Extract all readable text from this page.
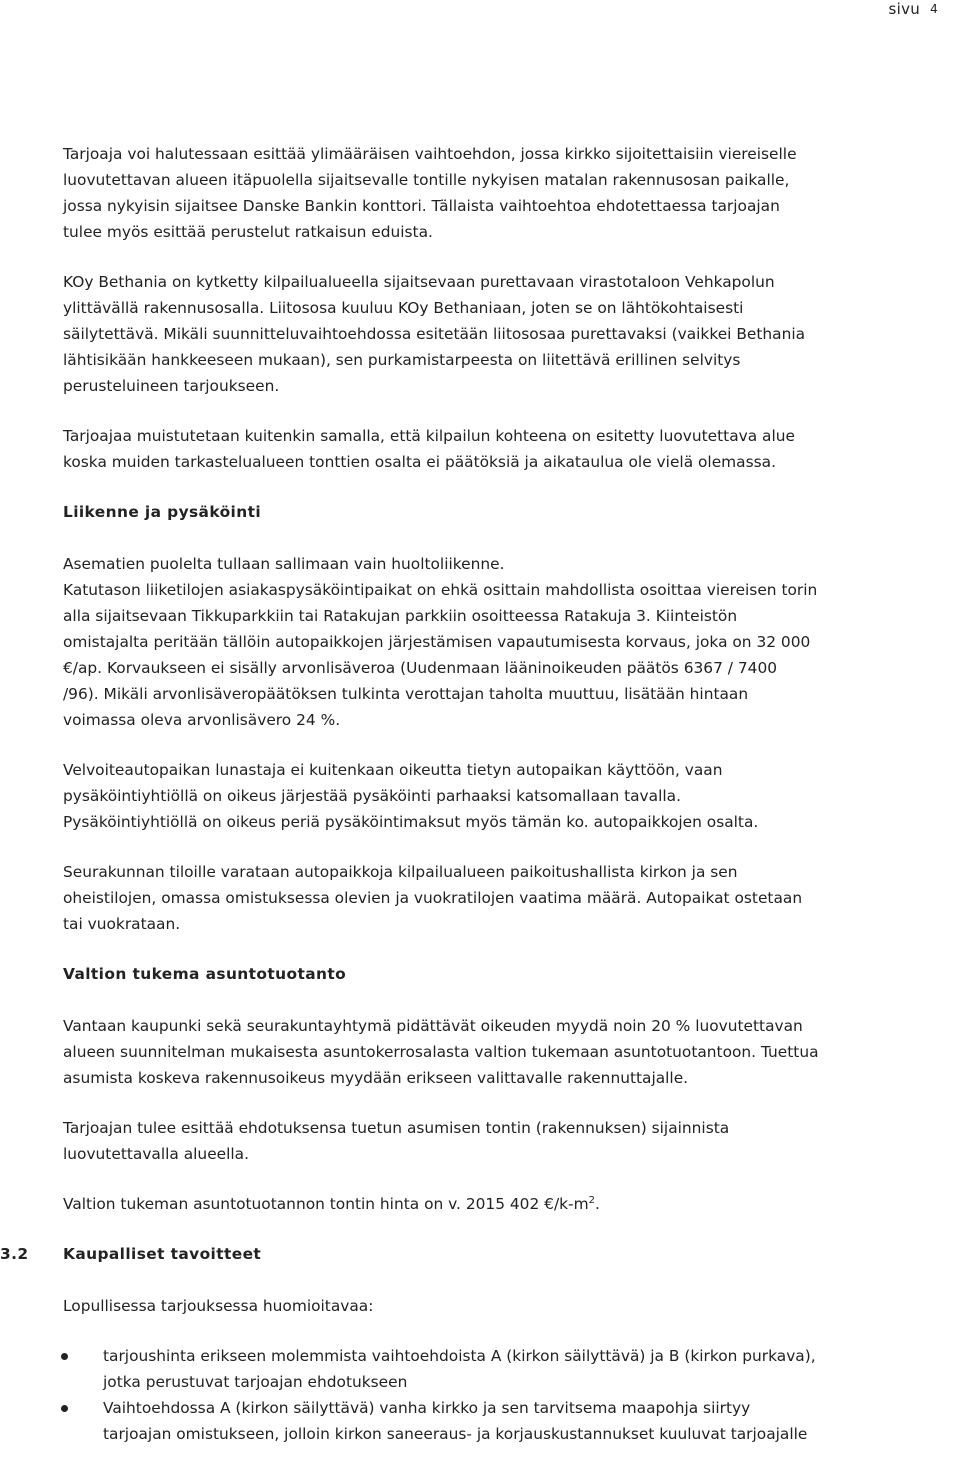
sivu 4

Tarjoaja voi halutessaan esittää ylimääräisen vaihtoehdon, jossa kirkko sijoitettaisiin viereiselle
luovutettavan alueen itäpuolella sijaitsevalle tontille nykyisen matalan rakennusosan paikalle,
jossa nykyisin sijaitsee Danske Bankin konttori. Tällaista vaihtoehtoa ehdotettaessa tarjoajan
tulee myös esittää perustelut ratkaisun eduista.

KOy Bethania on kytketty kilpailualueella sijaitsevaan purettavaan virastotaloon Vehkapolun
ylittävällä rakennusosalla. Liitososa kuuluu KOy Bethaniaan, joten se on lähtökohtaisesti
säilytettävä. Mikäli suunnitteluvaihtoehdossa esitetään liitososaa purettavaksi (vaikkei Bethania
lähtisikään hankkeeseen mukaan), sen purkamistarpeesta on liitettävä erillinen selvitys
perusteluineen tarjoukseen.

Tarjoajaa muistutetaan kuitenkin samalla, että kilpailun kohteena on esitetty luovutettava alue
koska muiden tarkastelualueen tonttien osalta ei päätöksiä ja aikataulua ole vielä olemassa.

Liikenne ja pysäköinti

Asematien puolelta tullaan sallimaan vain huoltoliikenne.

Katutason liiketilojen asiakaspysäköintipaikat on ehkä osittain mahdollista osoittaa viereisen torin
alla sijaitsevaan Tikkuparkkiin tai Ratakujan parkkiin osoitteessa Ratakuja 3. Kiinteistön
omistajalta peritään tällöin autopaikkojen järjestämisen vapautumisesta korvaus, joka on 32 000
€/ap. Korvaukseen ei sisälly arvonlisäveroa (Uudenmaan lääninoikeuden päätös 6367 / 7400
/96). Mikäli arvonlisäveropäätöksen tulkinta verottajan taholta muuttuu, lisätään hintaan
voimassa oleva arvonlisävero 24 %.

Velvoiteautopaikan lunastaja ei kuitenkaan oikeutta tietyn autopaikan käyttöön, vaan
pysäköintiyhtiöllä on oikeus järjestää pysäköinti parhaaksi katsomallaan tavalla.
Pysäköintiyhtiöllä on oikeus periä pysäköintimaksut myös tämän ko. autopaikkojen osalta.

Seurakunnan tiloille varataan autopaikkoja kilpailualueen paikoitushallista kirkon ja sen
oheistilojen, omassa omistuksessa olevien ja vuokratilojen vaatima määrä. Autopaikat ostetaan
tai vuokrataan.

Valtion tukema asuntotuotanto

Vantaan kaupunki sekä seurakuntayhtymä pidättävät oikeuden myydä noin 20 % luovutettavan
alueen suunnitelman mukaisesta asuntokerrosalasta valtion tukemaan asuntotuotantoon. Tuettua
asumista koskeva rakennusoikeus myydään erikseen valittavalle rakennuttajalle.

Tarjoajan tulee esittää ehdotuksensa tuetun asumisen tontin (rakennuksen) sijainnista
luovutettavalla alueella.

Valtion tukeman asuntotuotannon tontin hinta on v. 2015 402 $€/k-m^2$.

3.2 Kaupalliset tavoitteet

Lopullisessa tarjouksessa huomioitavaa:

tarjoushinta erikseen molemmista vaihtoehdoista A (kirkon säilyttävä) ja B (kirkon purkava),
jotka perustuvat tarjoajan ehdotukseen
Vaihtoehdossa A (kirkon säilyttävä) vanha kirkko ja sen tarvitsema maapohja siirtyy
tarjoajan omistukseen, jolloin kirkon saneeraus- ja korjauskustannukset kuuluvat tarjoajalle
